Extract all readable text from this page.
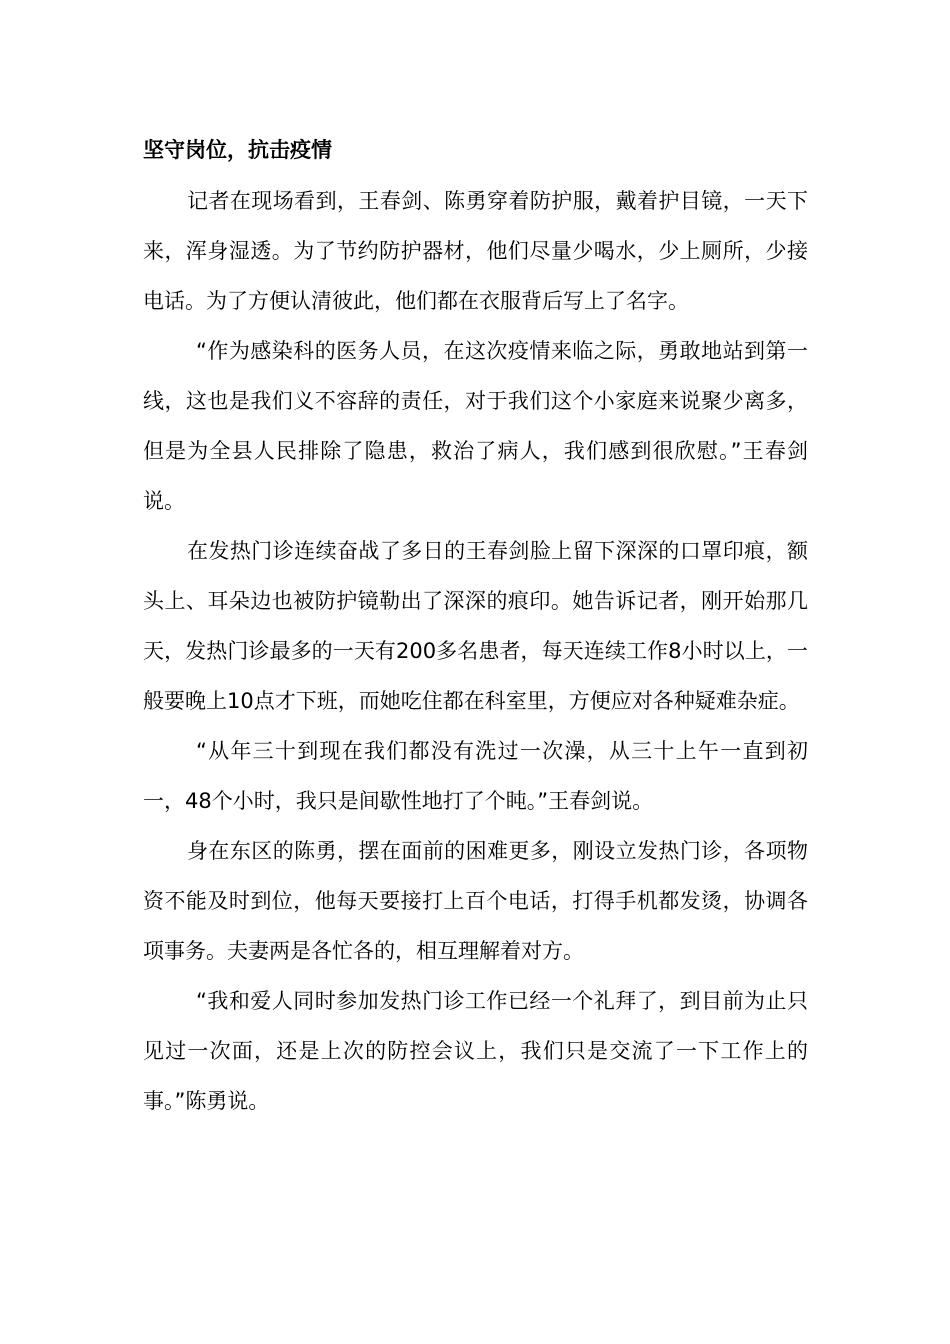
坚守岗位，抗击疫情

记者在现场看到，王春剑、陈勇穿着防护服，戴着护目镜，一天下来，浑身湿透。为了节约防护器材，他们尽量少喝水，少上厕所，少接电话。为了方便认清彼此，他们都在衣服背后写上了名字。

“作为感染科的医务人员，在这次疫情来临之际，勇敢地站到第一线，这也是我们义不容辞的责任，对于我们这个小家庭来说聚少离多，但是为全县人民排除了隐患，救治了病人，我们感到很欣慰。”王春剑说。

在发热门诊连续奋战了多日的王春剑脸上留下深深的口罩印痕，额头上、耳朵边也被防护镜勒出了深深的痕印。她告诉记者，刚开始那几天，发热门诊最多的一天有200多名患者，每天连续工作8小时以上，一般要晚上10点才下班，而她吃住都在科室里，方便应对各种疑难杂症。

“从年三十到现在我们都没有洗过一次澡，从三十上午一直到初一，48个小时，我只是间歇性地打了个盹。”王春剑说。

身在东区的陈勇，摆在面前的困难更多，刚设立发热门诊，各项物资不能及时到位，他每天要接打上百个电话，打得手机都发烫，协调各项事务。夫妻两是各忙各的，相互理解着对方。

“我和爱人同时参加发热门诊工作已经一个礼拜了，到目前为止只见过一次面，还是上次的防控会议上，我们只是交流了一下工作上的事。”陈勇说。
